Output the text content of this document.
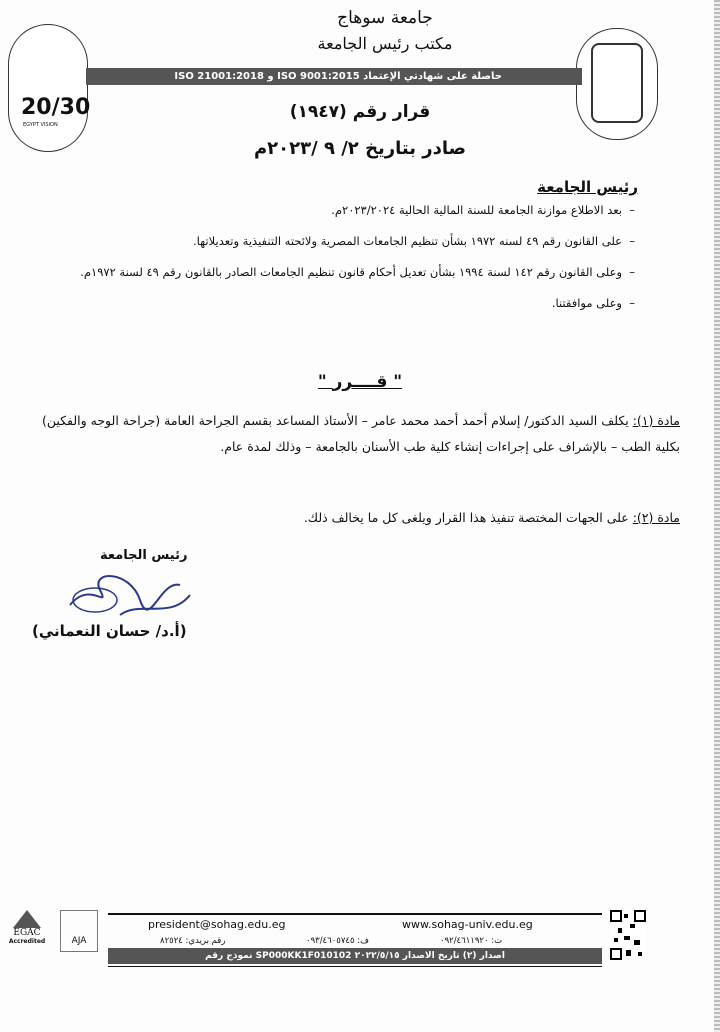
20/30
EGYPT VISION
جامعة سوهاج
مكتب رئيس الجامعة
حاصلة على شهادتي الإعتماد ISO 9001:2015 و ISO 21001:2018
قرار رقم (١٩٤٧)
صادر بتاريخ ٢/ ٩ /٢٠٢٣م
رئيس الجامعة
– بعد الاطلاع موازنة الجامعة للسنة المالية الحالية ٢٠٢٣/٢٠٢٤م.
– على القانون رقم ٤٩ لسنه ١٩٧٢ بشأن تنظيم الجامعات المصرية ولائحته التنفيذية وتعديلاتها.
– وعلى القانون رقم ١٤٢ لسنة ١٩٩٤ بشأن تعديل أحكام قانون تنظيم الجامعات الصادر بالقانون رقم ٤٩ لسنة ١٩٧٢م.
– وعلى موافقتنا.
" قــــرر "
مادة (١): يكلف السيد الدكتور/ إسلام أحمد أحمد محمد عامر – الأستاذ المساعد بقسم الجراحة العامة (جراحة الوجه والفكين) بكلية الطب – بالإشراف على إجراءات إنشاء كلية طب الأسنان بالجامعة – وذلك لمدة عام.
مادة (٢): على الجهات المختصة تنفيذ هذا القرار ويلغى كل ما يخالف ذلك.
رئيس الجامعة
(أ.د/ حسان النعماني)
EGAC
Accredited	AJA
president@sohag.edu.eg	www.sohag-univ.edu.eg
رقم بريدي: ٨٢٥٢٤	ف: ٠٩٣/٤٦٠٥٧٤٥	ت: ٠٩٢/٤٦١١٩٢٠
نموذج رقم SP000KK1F010102 اصدار (٢) تاريخ الاصدار ٢٠٢٢/٥/١٥
